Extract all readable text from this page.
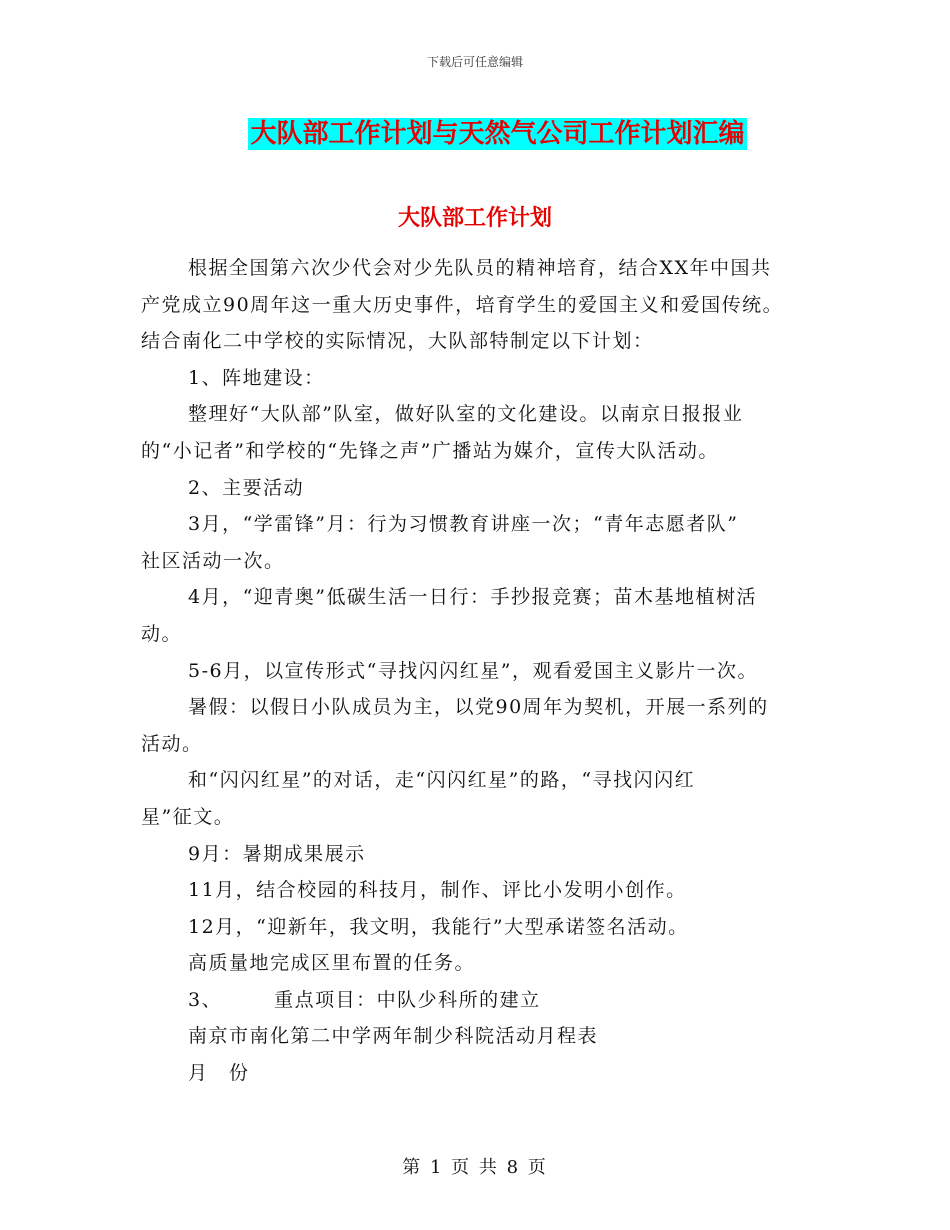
下载后可任意编辑
大队部工作计划与天然气公司工作计划汇编
大队部工作计划

根据全国第六次少代会对少先队员的精神培育，结合XX年中国共

产党成立90周年这一重大历史事件，培育学生的爱国主义和爱国传统。

结合南化二中学校的实际情况，大队部特制定以下计划：

1、阵地建设：

整理好“大队部”队室，做好队室的文化建设。以南京日报报业

的“小记者”和学校的“先锋之声”广播站为媒介，宣传大队活动。

2、主要活动

3月，“学雷锋”月：行为习惯教育讲座一次；“青年志愿者队”

社区活动一次。

4月，“迎青奥”低碳生活一日行：手抄报竞赛；苗木基地植树活

动。

5-6月，以宣传形式“寻找闪闪红星”，观看爱国主义影片一次。

暑假：以假日小队成员为主，以党90周年为契机，开展一系列的

活动。

和“闪闪红星”的对话，走“闪闪红星”的路，“寻找闪闪红

星”征文。

9月：暑期成果展示

11月，结合校园的科技月，制作、评比小发明小创作。

12月，“迎新年，我文明，我能行”大型承诺签名活动。

高质量地完成区里布置的任务。

3、　　　重点项目：中队少科所的建立

南京市南化第二中学两年制少科院活动月程表

月　份

第 1 页 共 8 页
